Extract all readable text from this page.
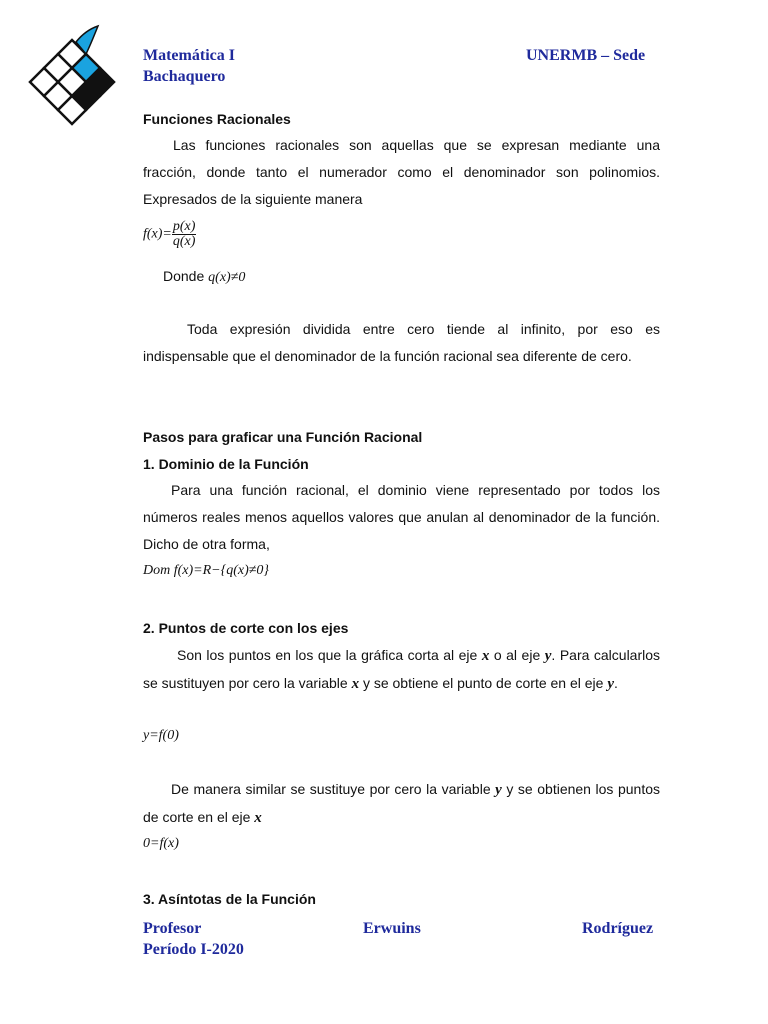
Matemática I	UNERMB – Sede
Bachaquero
Funciones Racionales
Las funciones racionales son aquellas que se expresan mediante una fracción, donde tanto el numerador como el denominador son polinomios. Expresados de la siguiente manera
$f(x)= \frac{p(x)}{q(x)}$
Donde q(x)≠0
Toda expresión dividida entre cero tiende al infinito, por eso es indispensable que el denominador de la función racional sea diferente de cero.
Pasos para graficar una Función Racional
1. Dominio de la Función
Para una función racional, el dominio viene representado por todos los números reales menos aquellos valores que anulan al denominador de la función. Dicho de otra forma,
Dom f(x)=R−{q(x)≠0}
2. Puntos de corte con los ejes
Son los puntos en los que la gráfica corta al eje x o al eje y. Para calcularlos se sustituyen por cero la variable x y se obtiene el punto de corte en el eje y.
y=f(0)
De manera similar se sustituye por cero la variable y y se obtienen los puntos de corte en el eje x
0=f(x)
3. Asíntotas de la Función
Profesor	Erwuins	Rodríguez
Período I-2020
